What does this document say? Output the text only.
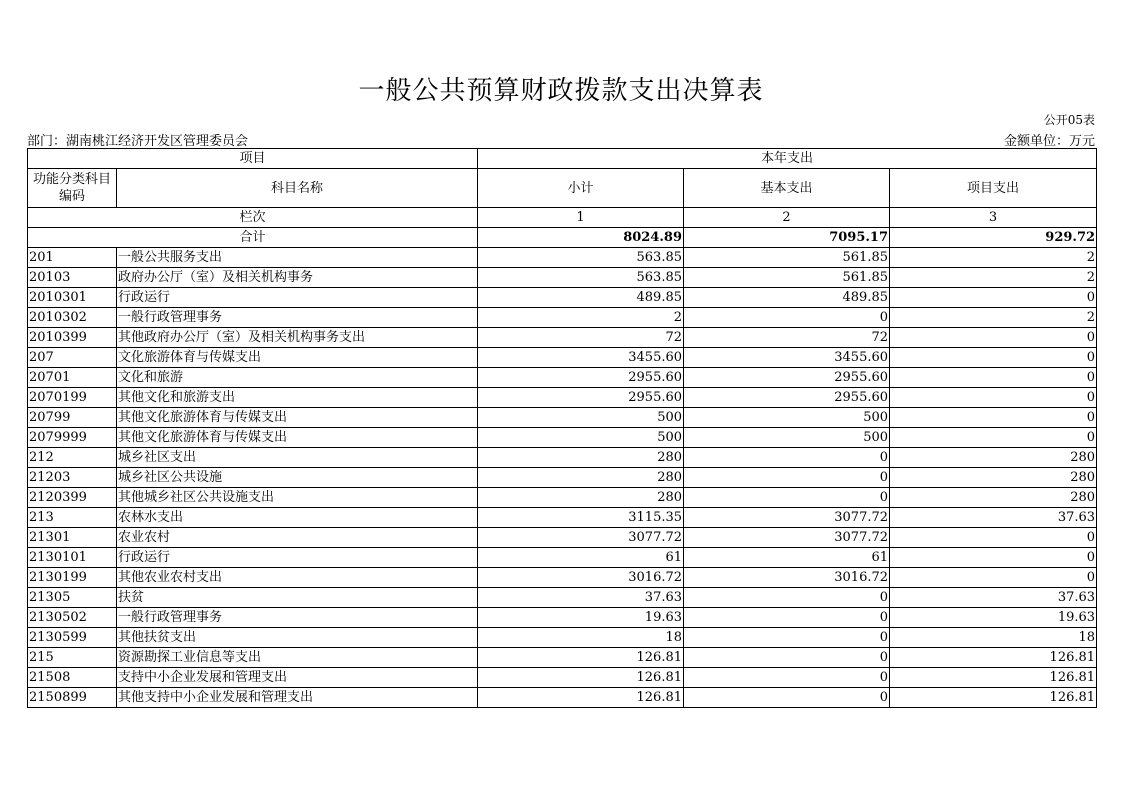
一般公共预算财政拨款支出决算表
公开05表
部门：湖南桃江经济开发区管理委员会	金额单位：万元
项目		本年支出		
功能分类科目编码	科目名称	小计	基本支出	项目支出
栏次		1	2	3
合计		8024.89	7095.17	929.72
201	一般公共服务支出	563.85	561.85	2
20103	政府办公厅（室）及相关机构事务	563.85	561.85	2
2010301	行政运行	489.85	489.85	0
2010302	一般行政管理事务	2	0	2
2010399	其他政府办公厅（室）及相关机构事务支出	72	72	0
207	文化旅游体育与传媒支出	3455.60	3455.60	0
20701	文化和旅游	2955.60	2955.60	0
2070199	其他文化和旅游支出	2955.60	2955.60	0
20799	其他文化旅游体育与传媒支出	500	500	0
2079999	其他文化旅游体育与传媒支出	500	500	0
212	城乡社区支出	280	0	280
21203	城乡社区公共设施	280	0	280
2120399	其他城乡社区公共设施支出	280	0	280
213	农林水支出	3115.35	3077.72	37.63
21301	农业农村	3077.72	3077.72	0
2130101	行政运行	61	61	0
2130199	其他农业农村支出	3016.72	3016.72	0
21305	扶贫	37.63	0	37.63
2130502	一般行政管理事务	19.63	0	19.63
2130599	其他扶贫支出	18	0	18
215	资源勘探工业信息等支出	126.81	0	126.81
21508	支持中小企业发展和管理支出	126.81	0	126.81
2150899	其他支持中小企业发展和管理支出	126.81	0	126.81
